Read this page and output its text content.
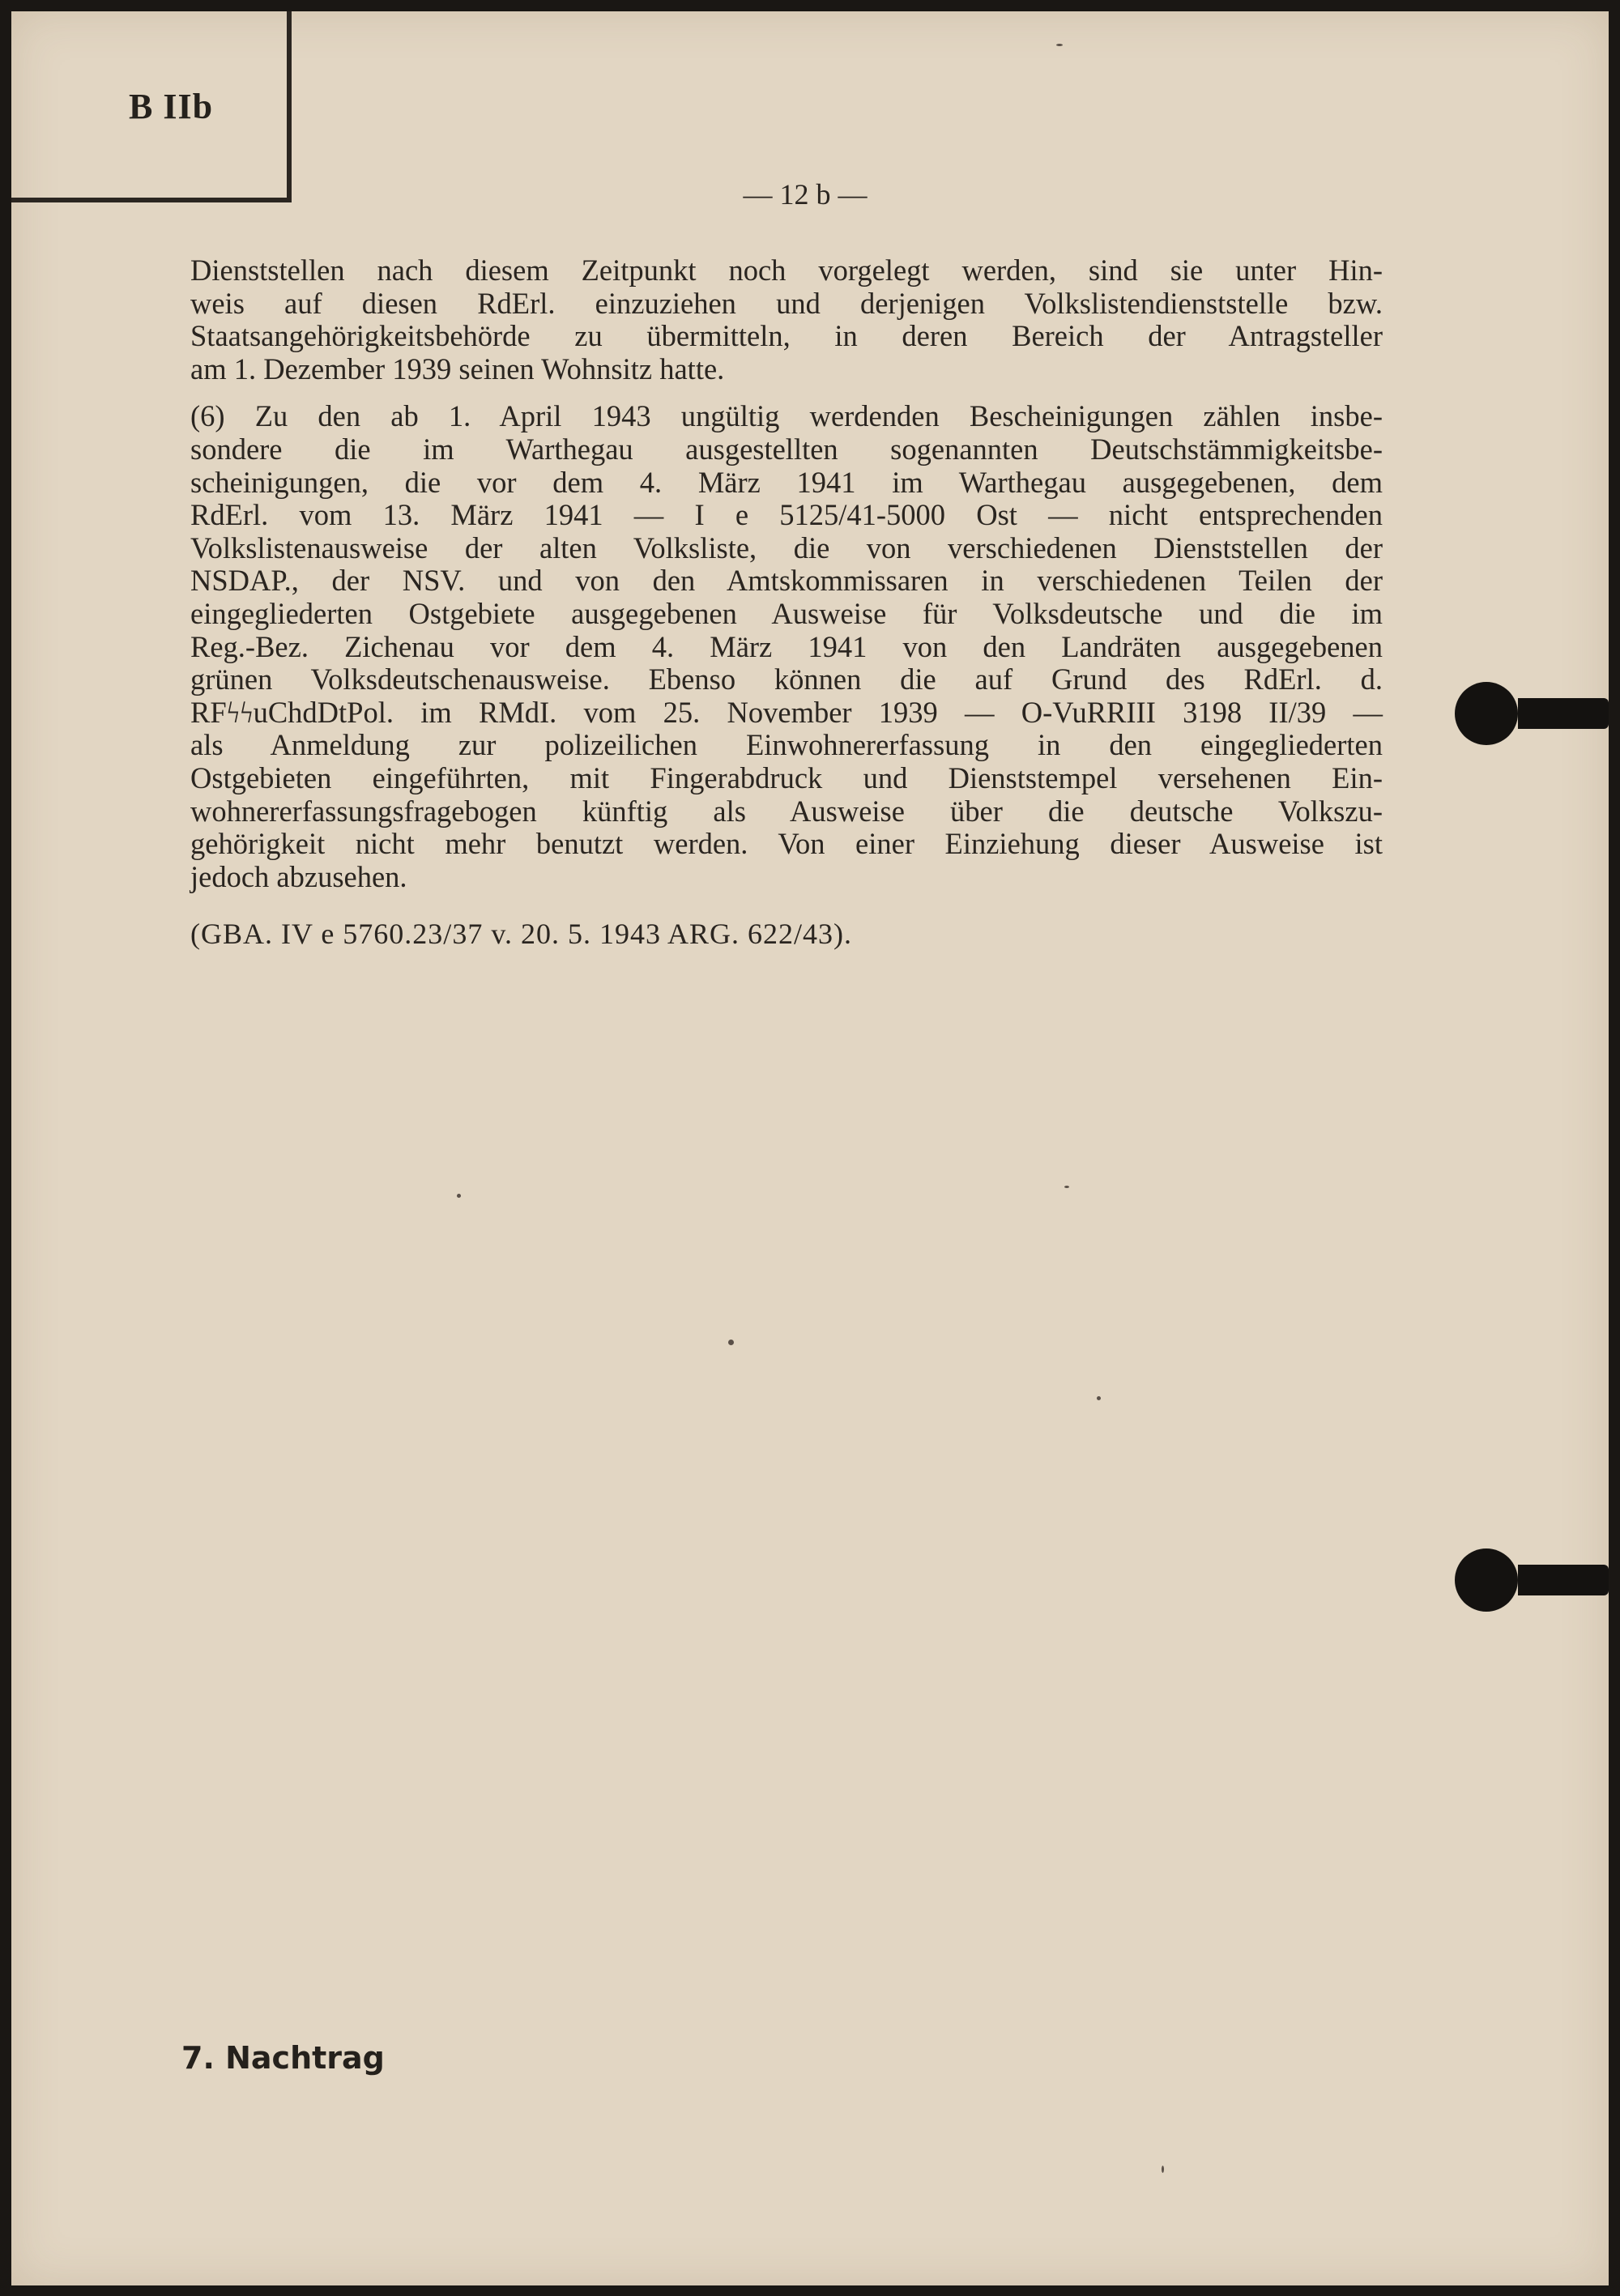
B IIb
— 12 b —

Dienststellen nach diesem Zeitpunkt noch vorgelegt werden, sind sie unter Hin-
weis auf diesen RdErl. einzuziehen und derjenigen Volkslistendienststelle bzw.
Staatsangehörigkeitsbehörde zu übermitteln, in deren Bereich der Antragsteller
am 1. Dezember 1939 seinen Wohnsitz hatte.

(6) Zu den ab 1. April 1943 ungültig werdenden Bescheinigungen zählen insbe-
sondere die im Warthegau ausgestellten sogenannten Deutschstämmigkeitsbe-
scheinigungen, die vor dem 4. März 1941 im Warthegau ausgegebenen, dem
RdErl. vom 13. März 1941 — I e 5125/41-5000 Ost — nicht entsprechenden
Volkslistenausweise der alten Volksliste, die von verschiedenen Dienststellen der
NSDAP., der NSV. und von den Amtskommissaren in verschiedenen Teilen der
eingegliederten Ostgebiete ausgegebenen Ausweise für Volksdeutsche und die im
Reg.-Bez. Zichenau vor dem 4. März 1941 von den Landräten ausgegebenen
grünen Volksdeutschenausweise. Ebenso können die auf Grund des RdErl. d.
RFϟϟuChdDtPol. im RMdI. vom 25. November 1939 — O-VuRRIII 3198 II/39 —
als Anmeldung zur polizeilichen Einwohnererfassung in den eingegliederten
Ostgebieten eingeführten, mit Fingerabdruck und Dienststempel versehenen Ein-
wohnererfassungsfragebogen künftig als Ausweise über die deutsche Volkszu-
gehörigkeit nicht mehr benutzt werden. Von einer Einziehung dieser Ausweise ist
jedoch abzusehen.

(GBA. IV e 5760.23/37 v. 20. 5. 1943 ARG. 622/43).
7. Nachtrag
